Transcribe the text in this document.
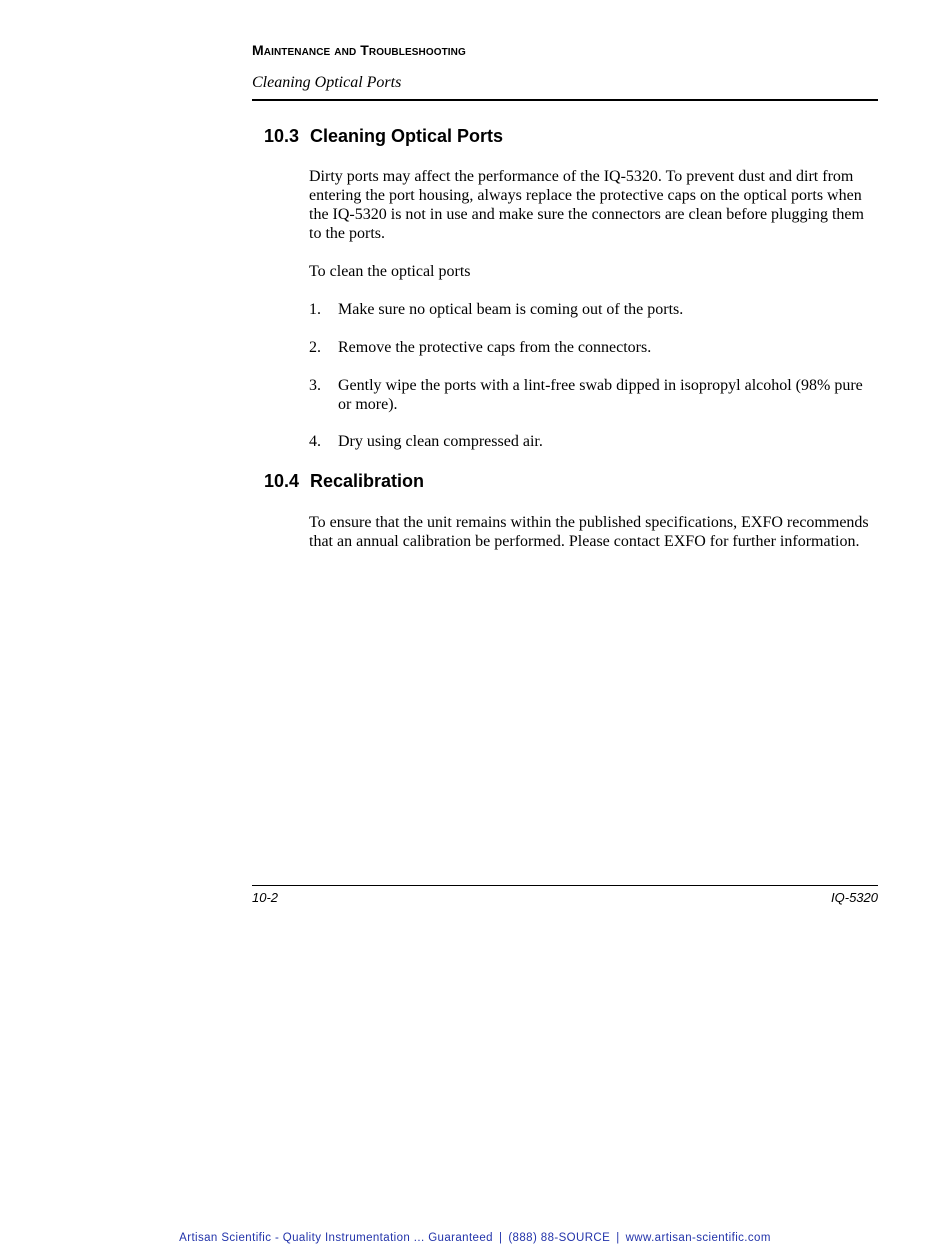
Maintenance and Troubleshooting
Cleaning Optical Ports
10.3 Cleaning Optical Ports

Dirty ports may affect the performance of the IQ-5320. To prevent dust and dirt from entering the port housing, always replace the protective caps on the optical ports when the IQ-5320 is not in use and make sure the connectors are clean before plugging them to the ports.

To clean the optical ports

1. Make sure no optical beam is coming out of the ports.
2. Remove the protective caps from the connectors.
3. Gently wipe the ports with a lint-free swab dipped in isopropyl alcohol (98% pure or more).
4. Dry using clean compressed air.
10.4 Recalibration

To ensure that the unit remains within the published specifications, EXFO recommends that an annual calibration be performed. Please contact EXFO for further information.

10-2	IQ-5320
Artisan Scientific - Quality Instrumentation ... Guaranteed | (888) 88-SOURCE | www.artisan-scientific.com
